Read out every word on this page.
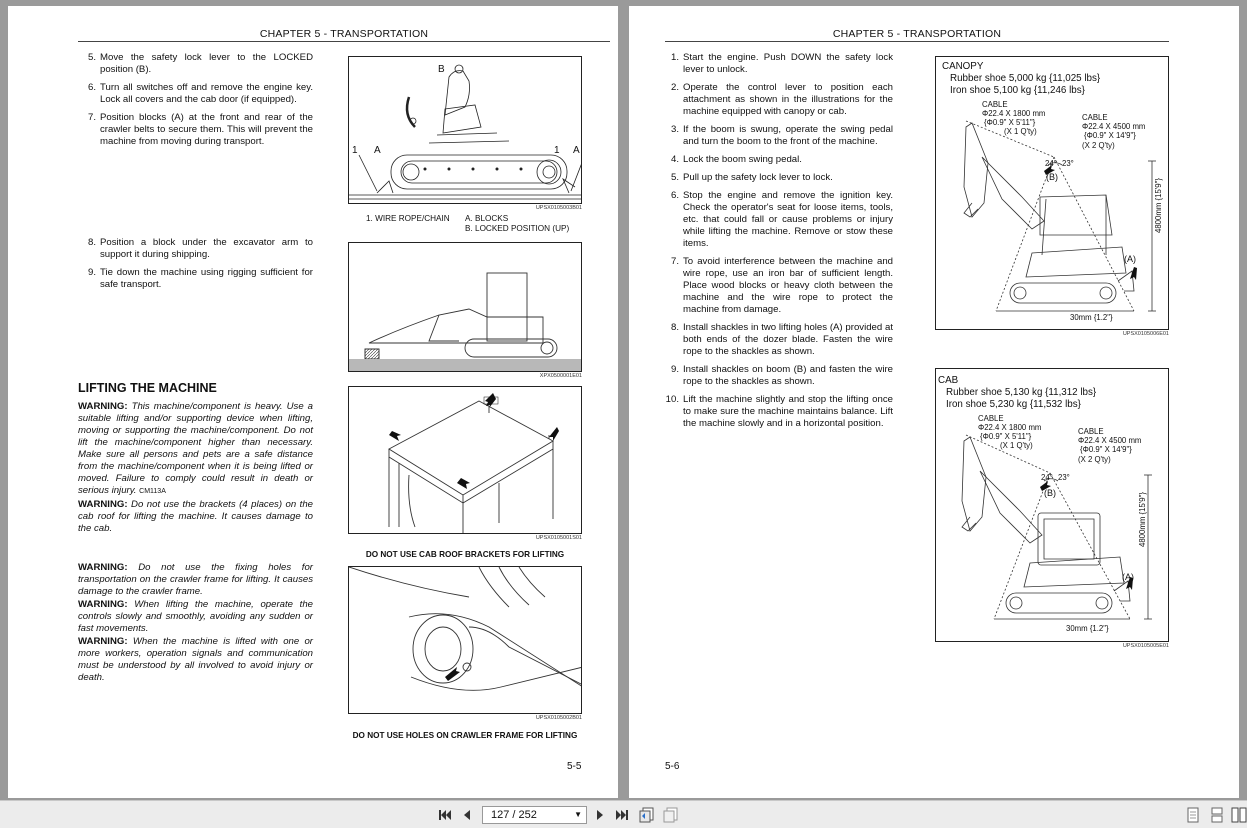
CHAPTER 5 - TRANSPORTATION
5. Move the safety lock lever to the LOCKED position (B).
6. Turn all switches off and remove the engine key. Lock all covers and the cab door (if equipped).
7. Position blocks (A) at the front and rear of the crawler belts to secure them. This will prevent the machine from moving during transport.
B
1 A	1 A
UPSX0105003B01
1. WIRE ROPE/CHAIN A. BLOCKS
B. LOCKED POSITION (UP)
8. Position a block under the excavator arm to support it during shipping.
9. Tie down the machine using rigging sufficient for safe transport.
XPX0500001E01
LIFTING THE MACHINE

WARNING: This machine/component is heavy. Use a suitable lifting and/or supporting device when lifting, moving or supporting the machine/component. Do not lift the machine/component higher than necessary. Make sure all persons and pets are a safe distance from the machine/component when it is being lifted or moved. Failure to comply could result in death or serious injury. CM113A

WARNING: Do not use the brackets (4 places) on the cab roof for lifting the machine. It causes damage to the cab.

UPSX0105001S01
DO NOT USE CAB ROOF BRACKETS FOR LIFTING

WARNING: Do not use the fixing holes for transportation on the crawler frame for lifting. It causes damage to the crawler frame.

WARNING: When lifting the machine, operate the controls slowly and smoothly, avoiding any sudden or fast movements.

WARNING: When the machine is lifted with one or more workers, operation signals and communication must be understood by all involved to avoid injury or death.

UPSX0105002B01
DO NOT USE HOLES ON CRAWLER FRAME FOR LIFTING
5-5
CHAPTER 5 - TRANSPORTATION
1. Start the engine. Push DOWN the safety lock lever to unlock.
2. Operate the control lever to position each attachment as shown in the illustrations for the machine equipped with canopy or cab.
3. If the boom is swung, operate the swing pedal and turn the boom to the front of the machine.
4. Lock the boom swing pedal.
5. Pull up the safety lock lever to lock.
6. Stop the engine and remove the ignition key. Check the operator's seat for loose items, tools, etc. that could fall or cause problems or injury while lifting the machine. Remove or stow these items.
7. To avoid interference between the machine and wire rope, use an iron bar of sufficient length. Place wood blocks or heavy cloth between the machine and the wire rope to protect the machine from damage.
8. Install shackles in two lifting holes (A) provided at both ends of the dozer blade. Fasten the wire rope to the shackles as shown.
9. Install shackles on boom (B) and fasten the wire rope to the shackles as shown.
10. Lift the machine slightly and stop the lifting once to make sure the machine maintains balance. Lift the machine slowly and in a horizontal position.
CANOPY
Rubber shoe 5,000 kg {11,025 lbs}
Iron shoe 5,100 kg {11,246 lbs}
CABLE
Φ22.4 X 1800 mm
{Φ0.9" X 5'11"}
(X 1 Q'ty)
CABLE
Φ22.4 X 4500 mm
{Φ0.9" X 14'9"}
(X 2 Q'ty)
24° 23°
(B)
(A)
4800mm {15'9"}
30mm {1.2"}
UPSX0105006E01
CAB
Rubber shoe 5,130 kg {11,312 lbs}
Iron shoe 5,230 kg {11,532 lbs}
CABLE
Φ22.4 X 1800 mm
{Φ0.9" X 5'11"}
(X 1 Q'ty)
CABLE
Φ22.4 X 4500 mm
{Φ0.9" X 14'9"}
(X 2 Q'ty)
24° 23°
(B)
(A)
4800mm {15'9"}
30mm {1.2"}
UPSX0105005E01
5-6
127 / 252	▼
